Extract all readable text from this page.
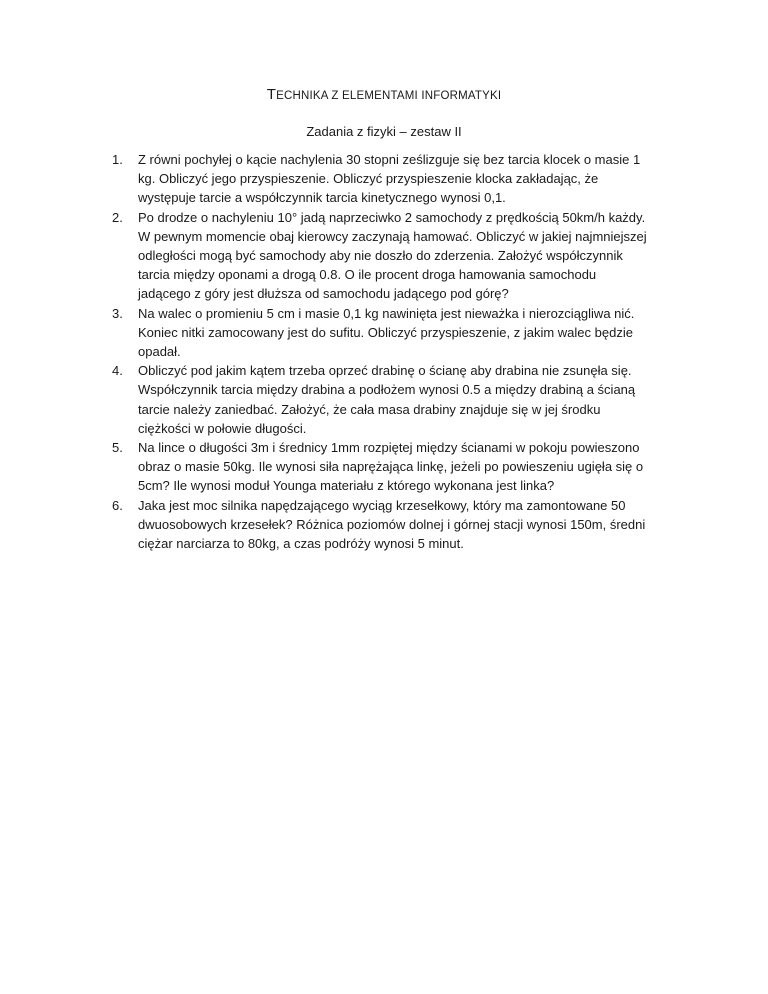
TECHNIKA Z ELEMENTAMI INFORMATYKI
Zadania z fizyki – zestaw II
1.	Z równi pochyłej o kącie nachylenia 30 stopni ześlizguje się bez tarcia klocek o masie 1 kg. Obliczyć jego przyspieszenie. Obliczyć przyspieszenie klocka zakładając, że występuje tarcie a współczynnik tarcia kinetycznego wynosi 0,1.
2.	Po drodze o nachyleniu 10° jadą naprzeciwko 2 samochody z prędkością 50km/h każdy. W pewnym momencie obaj kierowcy zaczynają hamować. Obliczyć w jakiej najmniejszej odległości mogą być samochody aby nie doszło do zderzenia. Założyć współczynnik tarcia między oponami a drogą 0.8. O ile procent droga hamowania samochodu jadącego z góry jest dłuższa od samochodu jadącego pod górę?
3.	Na walec o promieniu 5 cm i masie 0,1 kg nawinięta jest nieważka i nierozciągliwa nić. Koniec nitki zamocowany jest do sufitu. Obliczyć przyspieszenie, z jakim walec będzie opadał.
4.	Obliczyć pod jakim kątem trzeba oprzeć drabinę o ścianę aby drabina nie zsunęła się. Współczynnik tarcia między drabina a podłożem wynosi 0.5 a między drabiną a ścianą tarcie należy zaniedbać. Założyć, że cała masa drabiny znajduje się w jej środku ciężkości w połowie długości.
5.	Na lince o długości 3m i średnicy 1mm rozpiętej między ścianami w pokoju powieszono obraz o masie 50kg. Ile wynosi siła naprężająca linkę, jeżeli po powieszeniu ugięła się o 5cm? Ile wynosi moduł Younga materiału z którego wykonana jest linka?
6.	Jaka jest moc silnika napędzającego wyciąg krzesełkowy, który ma zamontowane 50 dwuosobowych krzesełek? Różnica poziomów dolnej i górnej stacji wynosi 150m, średni ciężar narciarza to 80kg, a czas podróży wynosi 5 minut.
